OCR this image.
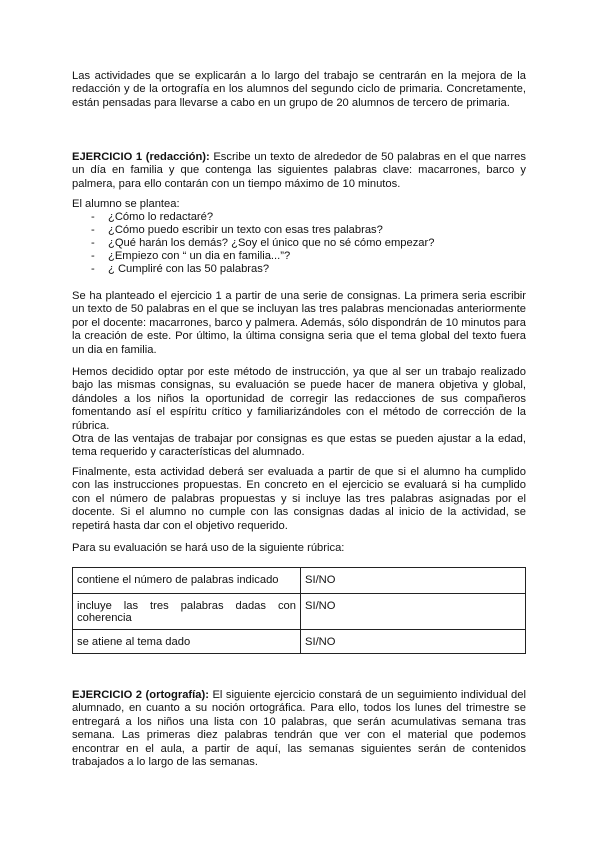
Las actividades que se explicarán a lo largo del trabajo se centrarán en la mejora de la redacción y de la ortografía en los alumnos del segundo ciclo de primaria. Concretamente, están pensadas para llevarse a cabo en un grupo de 20 alumnos de tercero de primaria.

EJERCICIO 1 (redacción): Escribe un texto de alrededor de 50 palabras en el que narres un día en familia y que contenga las siguientes palabras clave: macarrones, barco y palmera, para ello contarán con un tiempo máximo de 10 minutos.

El alumno se plantea:

- ¿Cómo lo redactaré?
- ¿Cómo puedo escribir un texto con esas tres palabras?
- ¿Qué harán los demás? ¿Soy el único que no sé cómo empezar?
- ¿Empiezo con “ un dia en familia...”?
- ¿ Cumpliré con las 50 palabras?

Se ha planteado el ejercicio 1 a partir de una serie de consignas. La primera seria escribir un texto de 50 palabras en el que se incluyan las tres palabras mencionadas anteriormente por el docente: macarrones, barco y palmera. Además, sólo dispondrán de 10 minutos para la creación de este. Por último, la última consigna seria que el tema global del texto fuera un dia en familia.

Hemos decidido optar por este método de instrucción, ya que al ser un trabajo realizado bajo las mismas consignas, su evaluación se puede hacer de manera objetiva y global, dándoles a los niños la oportunidad de corregir las redacciones de sus compañeros fomentando así el espíritu crítico y familiarizándoles con el método de corrección de la rúbrica.

Otra de las ventajas de trabajar por consignas es que estas se pueden ajustar a la edad, tema requerido y características del alumnado.

Finalmente, esta actividad deberá ser evaluada a partir de que si el alumno ha cumplido con las instrucciones propuestas. En concreto en el ejercicio se evaluará si ha cumplido con el número de palabras propuestas y si incluye las tres palabras asignadas por el docente. Si el alumno no cumple con las consignas dadas al inicio de la actividad, se repetirá hasta dar con el objetivo requerido.

Para su evaluación se hará uso de la siguiente rúbrica:

contiene el número de palabras indicado	SI/NO
incluye las tres palabras dadas con coherencia	SI/NO
se atiene al tema dado	SI/NO

EJERCICIO 2 (ortografía): El siguiente ejercicio constará de un seguimiento individual del alumnado, en cuanto a su noción ortográfica. Para ello, todos los lunes del trimestre se entregará a los niños una lista con 10 palabras, que serán acumulativas semana tras semana. Las primeras diez palabras tendrán que ver con el material que podemos encontrar en el aula, a partir de aquí, las semanas siguientes serán de contenidos trabajados a lo largo de las semanas.
